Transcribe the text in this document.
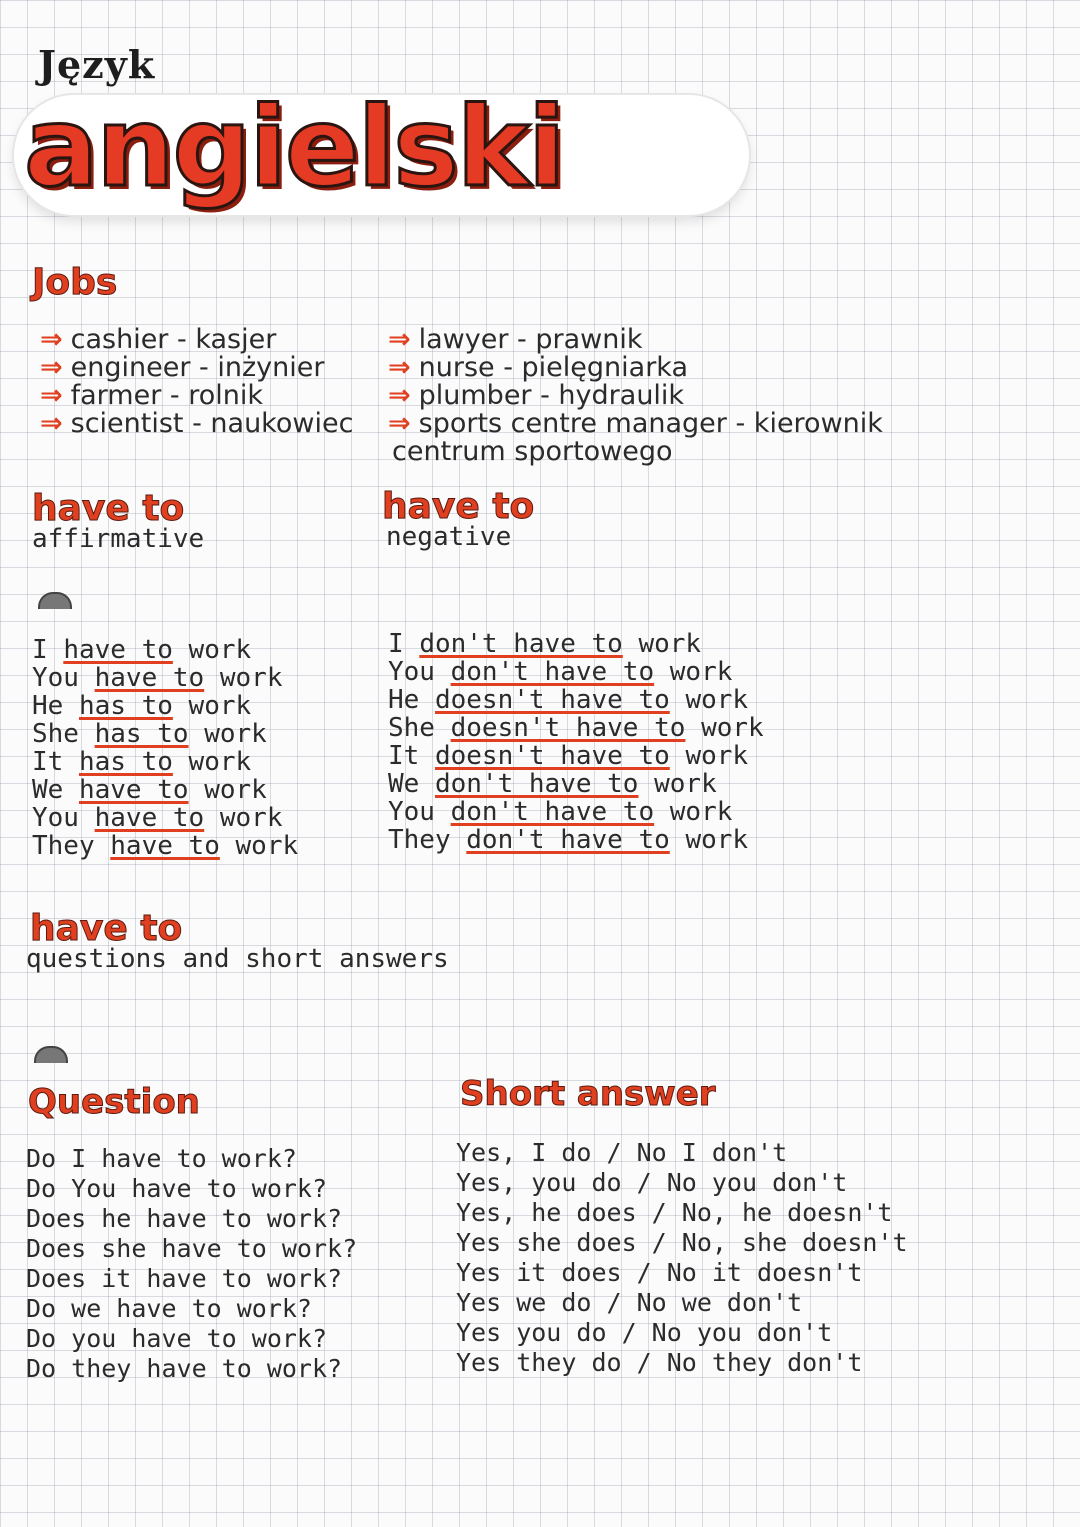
Język
angielski
Jobs
⇒ cashier - kasjer
⇒ engineer - inżynier
⇒ farmer - rolnik
⇒ scientist - naukowiec
⇒ lawyer - prawnik
⇒ nurse - pielęgniarka
⇒ plumber - hydraulik
⇒ sports centre manager - kierownik
centrum sportowego
have to
affirmative
I have to work
You have to work
He has to work
She has to work
It has to work
We have to work
You have to work
They have to work
have to
negative
I don't have to work
You don't have to work
He doesn't have to work
She doesn't have to work
It doesn't have to work
We don't have to work
You don't have to work
They don't have to work
have to
questions and short answers
Question	Short answer
Do I have to work?
Do You have to work?
Does he have to work?
Does she have to work?
Does it have to work?
Do we have to work?
Do you have to work?
Do they have to work?
Yes, I do / No I don't
Yes, you do / No you don't
Yes, he does / No, he doesn't
Yes she does / No, she doesn't
Yes it does / No it doesn't
Yes we do / No we don't
Yes you do / No you don't
Yes they do / No they don't
